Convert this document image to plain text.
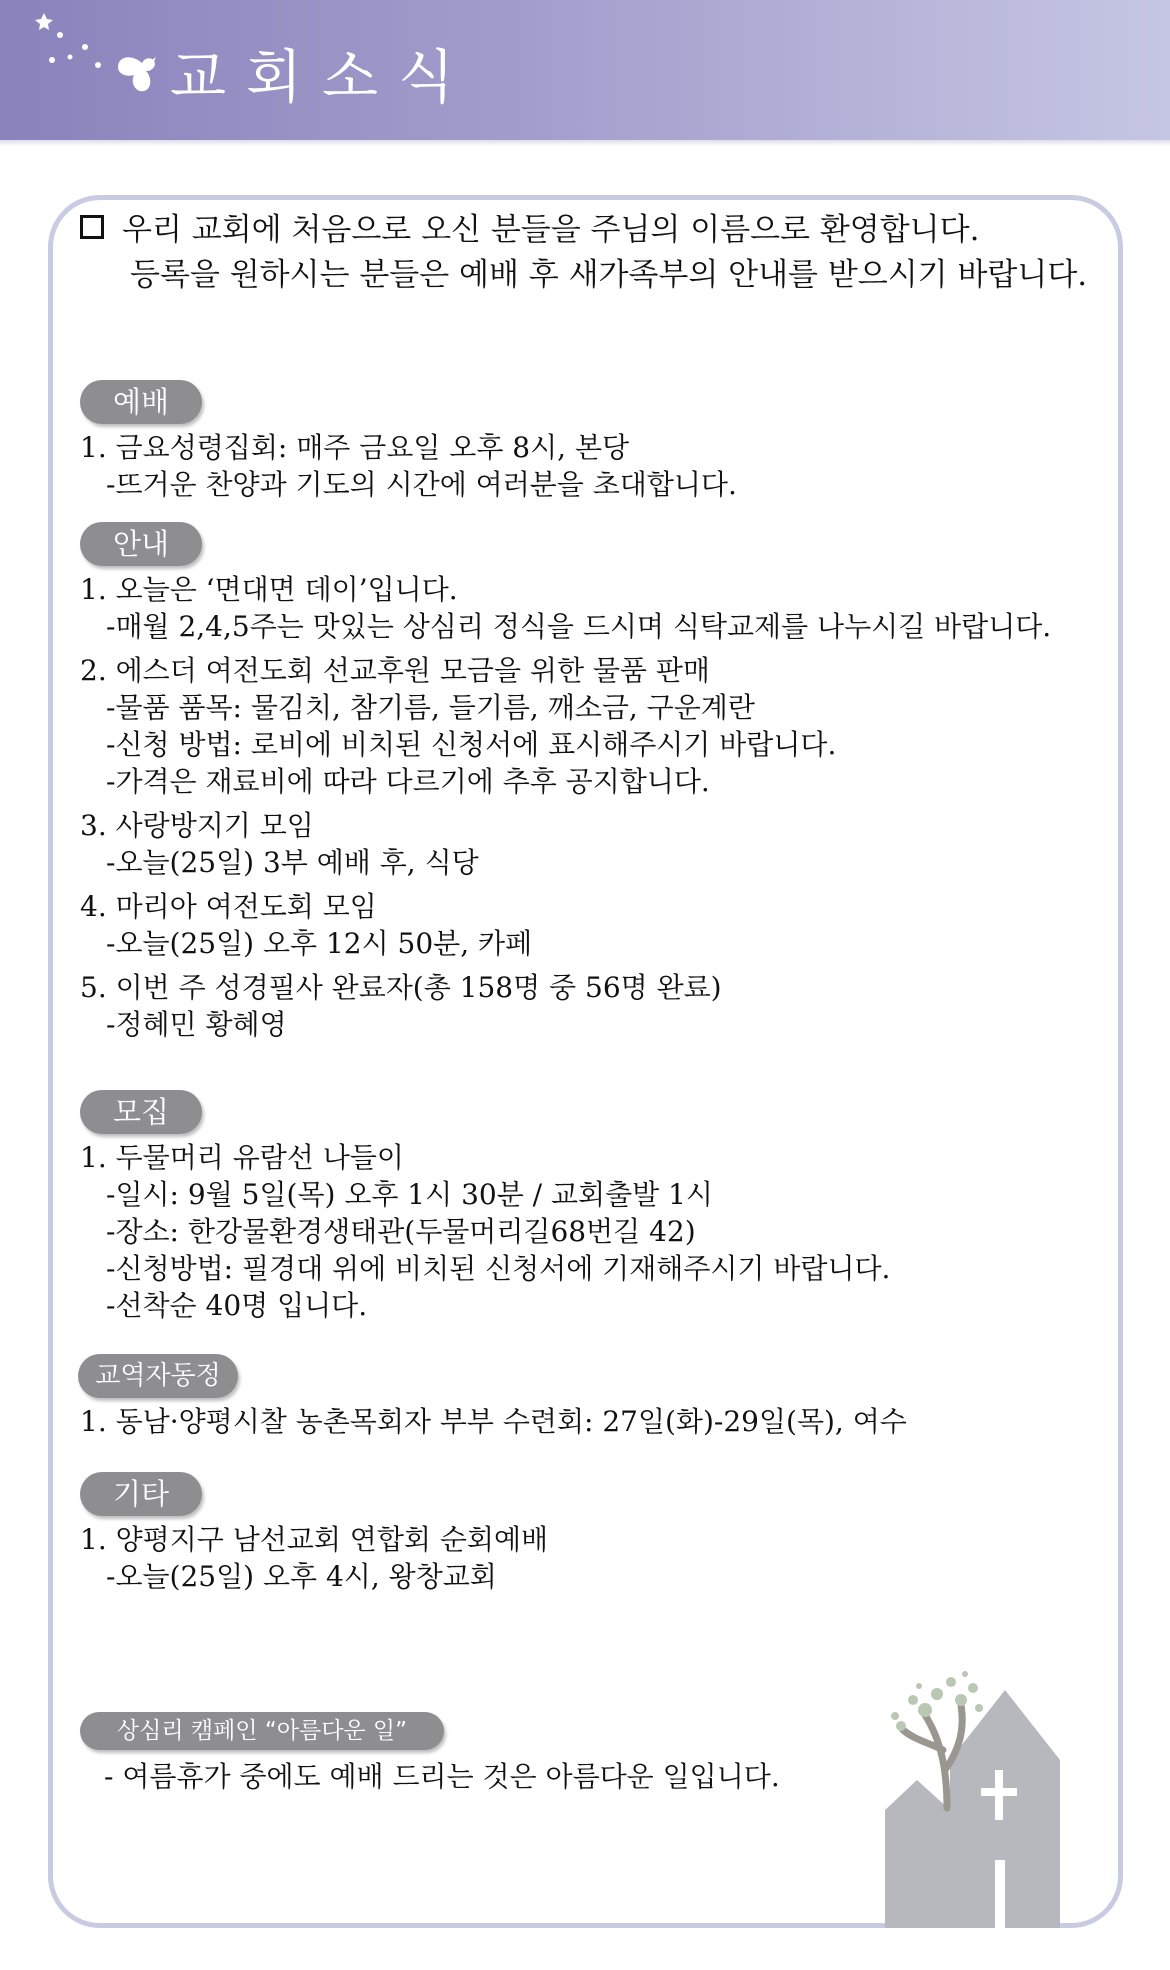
교회소식
우리 교회에 처음으로 오신 분들을 주님의 이름으로 환영합니다.
등록을 원하시는 분들은 예배 후 새가족부의 안내를 받으시기 바랍니다.
예배
1. 금요성령집회: 매주 금요일 오후 8시, 본당
-뜨거운 찬양과 기도의 시간에 여러분을 초대합니다.
안내
1. 오늘은 ‘면대면 데이’입니다.
-매월 2,4,5주는 맛있는 상심리 정식을 드시며 식탁교제를 나누시길 바랍니다.
2. 에스더 여전도회 선교후원 모금을 위한 물품 판매
-물품 품목: 물김치, 참기름, 들기름, 깨소금, 구운계란
-신청 방법: 로비에 비치된 신청서에 표시해주시기 바랍니다.
-가격은 재료비에 따라 다르기에 추후 공지합니다.
3. 사랑방지기 모임
-오늘(25일) 3부 예배 후, 식당
4. 마리아 여전도회 모임
-오늘(25일) 오후 12시 50분, 카페
5. 이번 주 성경필사 완료자(총 158명 중 56명 완료)
-정혜민 황혜영
모집
1. 두물머리 유람선 나들이
-일시: 9월 5일(목) 오후 1시 30분 / 교회출발 1시
-장소: 한강물환경생태관(두물머리길68번길 42)
-신청방법: 필경대 위에 비치된 신청서에 기재해주시기 바랍니다.
-선착순 40명 입니다.
교역자동정
1. 동남·양평시찰 농촌목회자 부부 수련회: 27일(화)-29일(목), 여수
기타
1. 양평지구 남선교회 연합회 순회예배
-오늘(25일) 오후 4시, 왕창교회
상심리 캠페인 “아름다운 일”
- 여름휴가 중에도 예배 드리는 것은 아름다운 일입니다.
